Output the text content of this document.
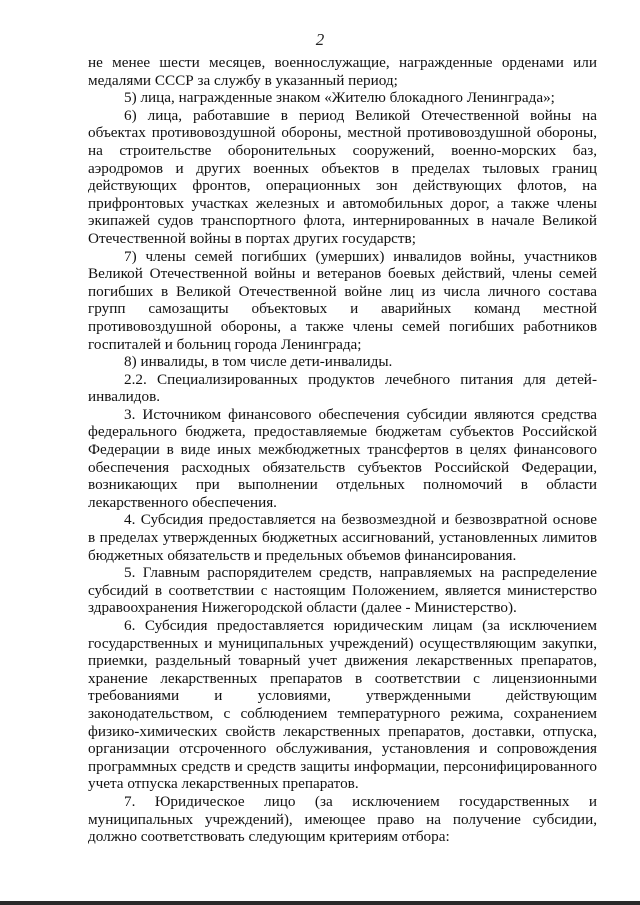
2

не менее шести месяцев, военнослужащие, награжденные орденами или медалями СССР за службу в указанный период;

5) лица, награжденные знаком «Жителю блокадного Ленинграда»;

6) лица, работавшие в период Великой Отечественной войны на объектах противовоздушной обороны, местной противовоздушной обороны, на строительстве оборонительных сооружений, военно-морских баз, аэродромов и других военных объектов в пределах тыловых границ действующих фронтов, операционных зон действующих флотов, на прифронтовых участках железных и автомобильных дорог, а также члены экипажей судов транспортного флота, интернированных в начале Великой Отечественной войны в портах других государств;

7) члены семей погибших (умерших) инвалидов войны, участников Великой Отечественной войны и ветеранов боевых действий, члены семей погибших в Великой Отечественной войне лиц из числа личного состава групп самозащиты объектовых и аварийных команд местной противовоздушной обороны, а также члены семей погибших работников госпиталей и больниц города Ленинграда;

8) инвалиды, в том числе дети-инвалиды.

2.2. Специализированных продуктов лечебного питания для детей-инвалидов.

3. Источником финансового обеспечения субсидии являются средства федерального бюджета, предоставляемые бюджетам субъектов Российской Федерации в виде иных межбюджетных трансфертов в целях финансового обеспечения расходных обязательств субъектов Российской Федерации, возникающих при выполнении отдельных полномочий в области лекарственного обеспечения.

4. Субсидия предоставляется на безвозмездной и безвозвратной основе в пределах утвержденных бюджетных ассигнований, установленных лимитов бюджетных обязательств и предельных объемов финансирования.

5. Главным распорядителем средств, направляемых на распределение субсидий в соответствии с настоящим Положением, является министерство здравоохранения Нижегородской области (далее - Министерство).

6. Субсидия предоставляется юридическим лицам (за исключением государственных и муниципальных учреждений) осуществляющим закупки, приемки, раздельный товарный учет движения лекарственных препаратов, хранение лекарственных препаратов в соответствии с лицензионными требованиями и условиями, утвержденными действующим законодательством, с соблюдением температурного режима, сохранением физико-химических свойств лекарственных препаратов, доставки, отпуска, организации отсроченного обслуживания, установления и сопровождения программных средств и средств защиты информации, персонифицированного учета отпуска лекарственных препаратов.

7. Юридическое лицо (за исключением государственных и муниципальных учреждений), имеющее право на получение субсидии, должно соответствовать следующим критериям отбора:
